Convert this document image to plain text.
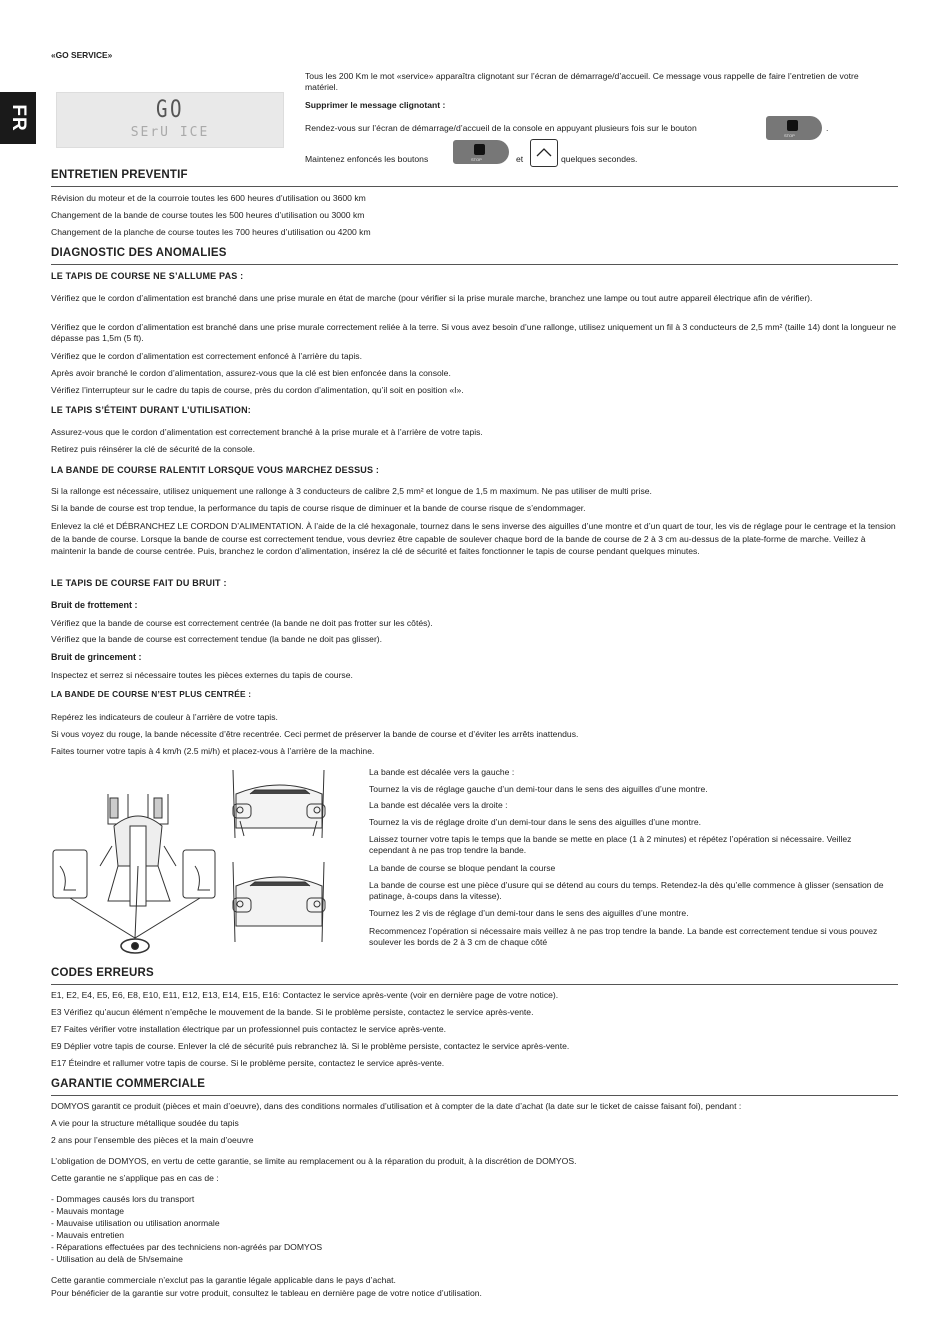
FR
«GO SERVICE»
GO
SErU ICE
Tous les 200 Km le mot «service» apparaîtra clignotant sur l’écran de démarrage/d’accueil. Ce message vous rappelle de faire l’entretien de votre matériel.
Supprimer le message clignotant :
Rendez-vous sur l’écran de démarrage/d’accueil de la console en appuyant plusieurs fois sur le bouton
STOP
.
Maintenez enfoncés les boutons	STOP	et	quelques secondes.
ENTRETIEN PREVENTIF
Révision du moteur et de la courroie toutes les 600 heures d’utilisation ou 3600 km
Changement de la bande de course toutes les 500 heures d’utilisation ou 3000 km
Changement de la planche de course toutes les 700 heures d’utilisation ou 4200 km
DIAGNOSTIC DES ANOMALIES
LE TAPIS DE COURSE NE S’ALLUME PAS :
Vérifiez que le cordon d’alimentation est branché dans une prise murale en état de marche (pour vérifier si la prise murale marche, branchez une lampe ou tout autre appareil électrique afin de vérifier).
Vérifiez que le cordon d’alimentation est branché dans une prise murale correctement reliée à la terre. Si vous avez besoin d’une rallonge, utilisez uniquement un fil à 3 conducteurs de 2,5 mm² (taille 14) dont la longueur ne dépasse pas 1,5m (5 ft).
Vérifiez que le cordon d’alimentation est correctement enfoncé à l’arrière du tapis.
Après avoir branché le cordon d’alimentation, assurez-vous que la clé est bien enfoncée dans la console.
Vérifiez l’interrupteur sur le cadre du tapis de course, près du cordon d’alimentation, qu’il soit en position «I».
LE TAPIS S’ÉTEINT DURANT L’UTILISATION:
Assurez-vous que le cordon d’alimentation est correctement branché à la prise murale et à l’arrière de votre tapis.
Retirez puis réinsérer la clé de sécurité de la console.
LA BANDE DE COURSE RALENTIT LORSQUE VOUS MARCHEZ DESSUS :
Si la rallonge est nécessaire, utilisez uniquement une rallonge à 3 conducteurs de calibre 2,5 mm² et longue de 1,5 m maximum. Ne pas utiliser de multi prise.
Si la bande de course est trop tendue, la performance du tapis de course risque de diminuer et la bande de course risque de s’endommager.
Enlevez la clé et DÉBRANCHEZ LE CORDON D’ALIMENTATION. À l’aide de la clé hexagonale, tournez dans le sens inverse des aiguilles d’une montre et d’un quart de tour, les vis de réglage pour le centrage et la tension de la bande de course. Lorsque la bande de course est correctement tendue, vous devriez être capable de soulever chaque bord de la bande de course de 2 à 3 cm au-dessus de la plate-forme de marche. Veillez à maintenir la bande de course centrée. Puis, branchez le cordon d’alimentation, insérez la clé de sécurité et faites fonctionner le tapis de course pendant quelques minutes.
LE TAPIS DE COURSE FAIT DU BRUIT :
Bruit de frottement :
Vérifiez que la bande de course est correctement centrée (la bande ne doit pas frotter sur les côtés).
Vérifiez que la bande de course est correctement tendue (la bande ne doit pas glisser).
Bruit de grincement :
Inspectez et serrez si nécessaire toutes les pièces externes du tapis de course.
LA BANDE DE COURSE N’EST PLUS CENTRÉE :
Repérez les indicateurs de couleur à l’arrière de votre tapis.
Si vous voyez du rouge, la bande nécessite d’être recentrée. Ceci permet de préserver la bande de course et d’éviter les arrêts inattendus.
Faites tourner votre tapis à 4 km/h (2.5 mi/h) et placez-vous à l’arrière de la machine.
La bande est décalée vers la gauche :
Tournez la vis de réglage gauche d’un demi-tour dans le sens des aiguilles d’une montre.
La bande est décalée vers la droite :
Tournez la vis de réglage droite d’un demi-tour dans le sens des aiguilles d’une montre.
Laissez tourner votre tapis le temps que la bande se mette en place (1 à 2 minutes) et répétez l’opération si nécessaire. Veillez cependant à ne pas trop tendre la bande.
La bande de course se bloque pendant la course
La bande de course est une pièce d’usure qui se détend au cours du temps. Retendez-la dès qu’elle commence à glisser (sensation de patinage, à-coups dans la vitesse).
Tournez les 2 vis de réglage d’un demi-tour dans le sens des aiguilles d’une montre.
Recommencez l’opération si nécessaire mais veillez à ne pas trop tendre la bande. La bande est correctement tendue si vous pouvez soulever les bords de 2 à 3 cm de chaque côté
CODES ERREURS
E1, E2, E4, E5, E6, E8, E10, E11, E12, E13, E14, E15, E16: Contactez le service après-vente (voir en dernière page de votre notice).
E3 Vérifiez qu’aucun élément n’empêche le mouvement de la bande. Si le problème persiste, contactez le service après-vente.
E7 Faites vérifier votre installation électrique par un professionnel puis contactez le service après-vente.
E9 Déplier votre tapis de course. Enlever la clé de sécurité puis rebranchez là. Si le problème persiste, contactez le service après-vente.
E17 Éteindre et rallumer votre tapis de course. Si le problème persite, contactez le service après-vente.
GARANTIE COMMERCIALE
DOMYOS garantit ce produit (pièces et main d’oeuvre), dans des conditions normales d’utilisation et à compter de la date d’achat (la date sur le ticket de caisse faisant foi), pendant :
A vie pour la structure métallique soudée du tapis
2 ans pour l’ensemble des pièces et la main d’oeuvre
L’obligation de DOMYOS, en vertu de cette garantie, se limite au remplacement ou à la réparation du produit, à la discrétion de DOMYOS.
Cette garantie ne s’applique pas en cas de :
- Dommages causés lors du transport
- Mauvais montage
- Mauvaise utilisation ou utilisation anormale
- Mauvais entretien
- Réparations effectuées par des techniciens non-agréés par DOMYOS
- Utilisation au delà de 5h/semaine
Cette garantie commerciale n’exclut pas la garantie légale applicable dans le pays d’achat.
Pour bénéficier de la garantie sur votre produit, consultez le tableau en dernière page de votre notice d’utilisation.
